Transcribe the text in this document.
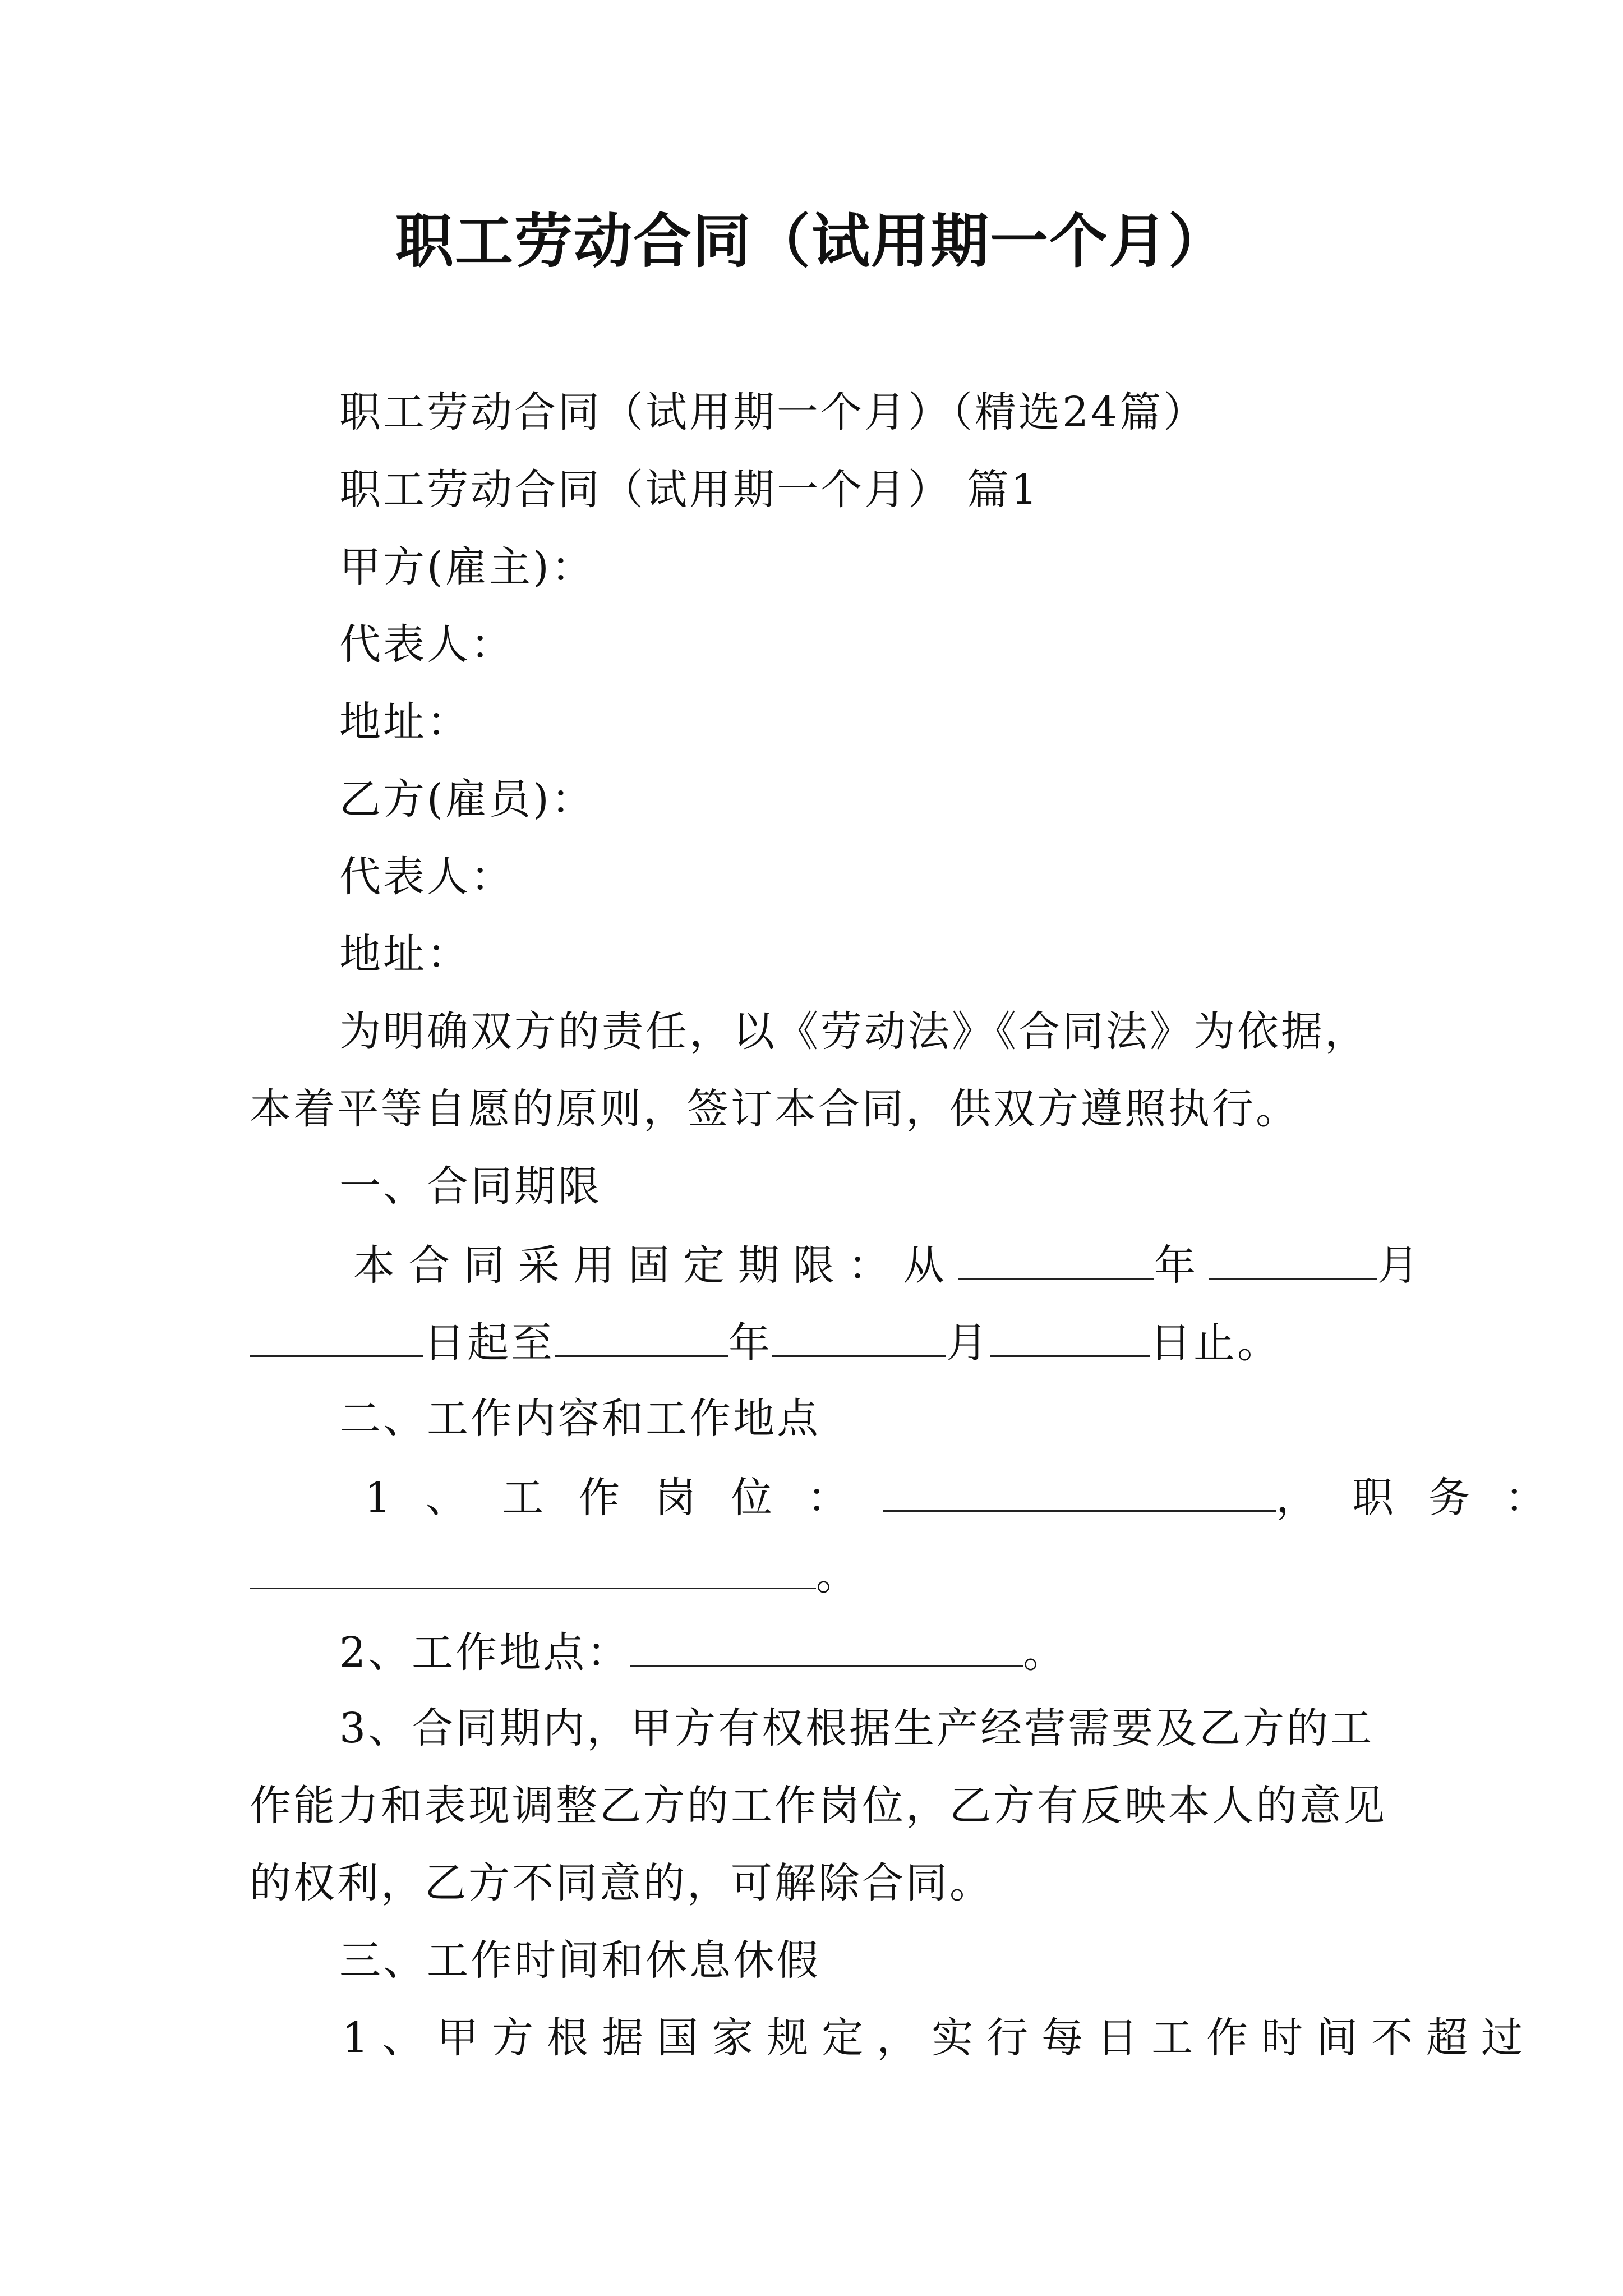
职工劳动合同（试用期一个月）
职工劳动合同（试用期一个月）（精选24篇）
职工劳动合同（试用期一个月） 篇1
甲方(雇主)：
代表人：
地址：
乙方(雇员)：
代表人：
地址：
为明确双方的责任，以《劳动法》《合同法》为依据，
本着平等自愿的原则，签订本合同，供双方遵照执行。
一、合同期限
本合同采用固定期限：从	年	月
日起至	年	月	日止。
二、工作内容和工作地点
1、工作岗位：	，职务：
。
2、工作地点：	。
3、合同期内，甲方有权根据生产经营需要及乙方的工
作能力和表现调整乙方的工作岗位，乙方有反映本人的意见
的权利，乙方不同意的，可解除合同。
三、工作时间和休息休假
1、甲方根据国家规定，实行每日工作时间不超过
